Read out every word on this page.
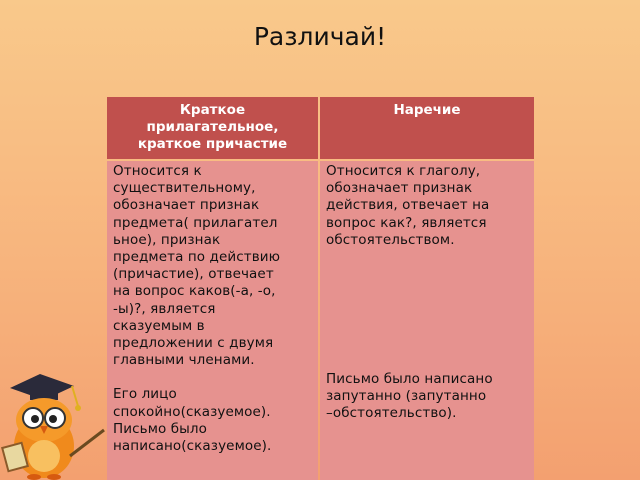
Различай!
Краткое
прилагательное,
краткое причастие
Наречие
Относится к
существительному,
обозначает признак
предмета( прилагател
ьное), признак
предмета по действию
(причастие), отвечает
на вопрос каков(-а, -о,
-ы)?, является
сказуемым в
предложении с двумя
главными членами.
Его лицо
спокойно(сказуемое).
Письмо было
написано(сказуемое).
Относится к глаголу,
обозначает признак
действия, отвечает на
вопрос как?, является
обстоятельством.
Письмо было написано
запутанно (запутанно
–обстоятельство).
